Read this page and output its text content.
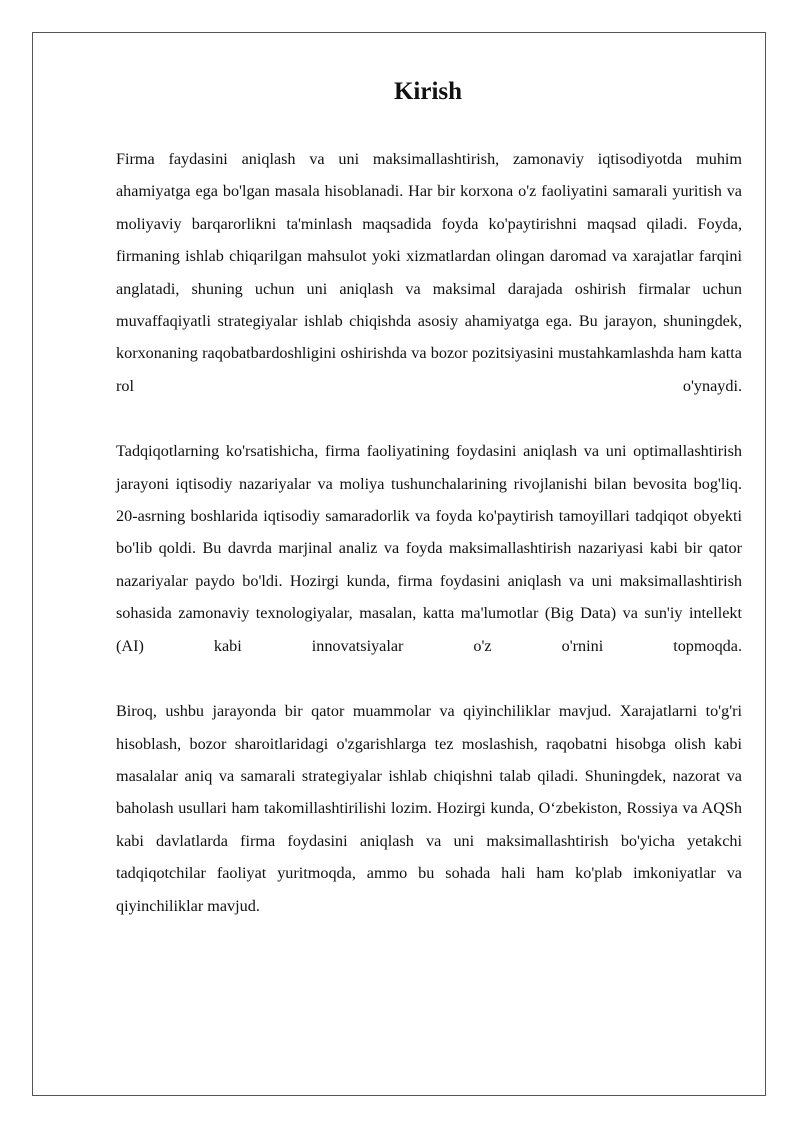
Kirish

Firma faydasini aniqlash va uni maksimallashtirish, zamonaviy iqtisodiyotda muhim ahamiyatga ega bo'lgan masala hisoblanadi. Har bir korxona o'z faoliyatini samarali yuritish va moliyaviy barqarorlikni ta'minlash maqsadida foyda ko'paytirishni maqsad qiladi. Foyda, firmaning ishlab chiqarilgan mahsulot yoki xizmatlardan olingan daromad va xarajatlar farqini anglatadi, shuning uchun uni aniqlash va maksimal darajada oshirish firmalar uchun muvaffaqiyatli strategiyalar ishlab chiqishda asosiy ahamiyatga ega. Bu jarayon, shuningdek, korxonaning raqobatbardoshligini oshirishda va bozor pozitsiyasini mustahkamlashda ham katta rol o'ynaydi.

Tadqiqotlarning ko'rsatishicha, firma faoliyatining foydasini aniqlash va uni optimallashtirish jarayoni iqtisodiy nazariyalar va moliya tushunchalarining rivojlanishi bilan bevosita bog'liq. 20-asrning boshlarida iqtisodiy samaradorlik va foyda ko'paytirish tamoyillari tadqiqot obyekti bo'lib qoldi. Bu davrda marjinal analiz va foyda maksimallashtirish nazariyasi kabi bir qator nazariyalar paydo bo'ldi. Hozirgi kunda, firma foydasini aniqlash va uni maksimallashtirish sohasida zamonaviy texnologiyalar, masalan, katta ma'lumotlar (Big Data) va sun'iy intellekt (AI) kabi innovatsiyalar o'z o'rnini topmoqda.

Biroq, ushbu jarayonda bir qator muammolar va qiyinchiliklar mavjud. Xarajatlarni to'g'ri hisoblash, bozor sharoitlaridagi o'zgarishlarga tez moslashish, raqobatni hisobga olish kabi masalalar aniq va samarali strategiyalar ishlab chiqishni talab qiladi. Shuningdek, nazorat va baholash usullari ham takomillashtirilishi lozim. Hozirgi kunda, O‘zbekiston, Rossiya va AQSh kabi davlatlarda firma foydasini aniqlash va uni maksimallashtirish bo'yicha yetakchi tadqiqotchilar faoliyat yuritmoqda, ammo bu sohada hali ham ko'plab imkoniyatlar va qiyinchiliklar mavjud.
